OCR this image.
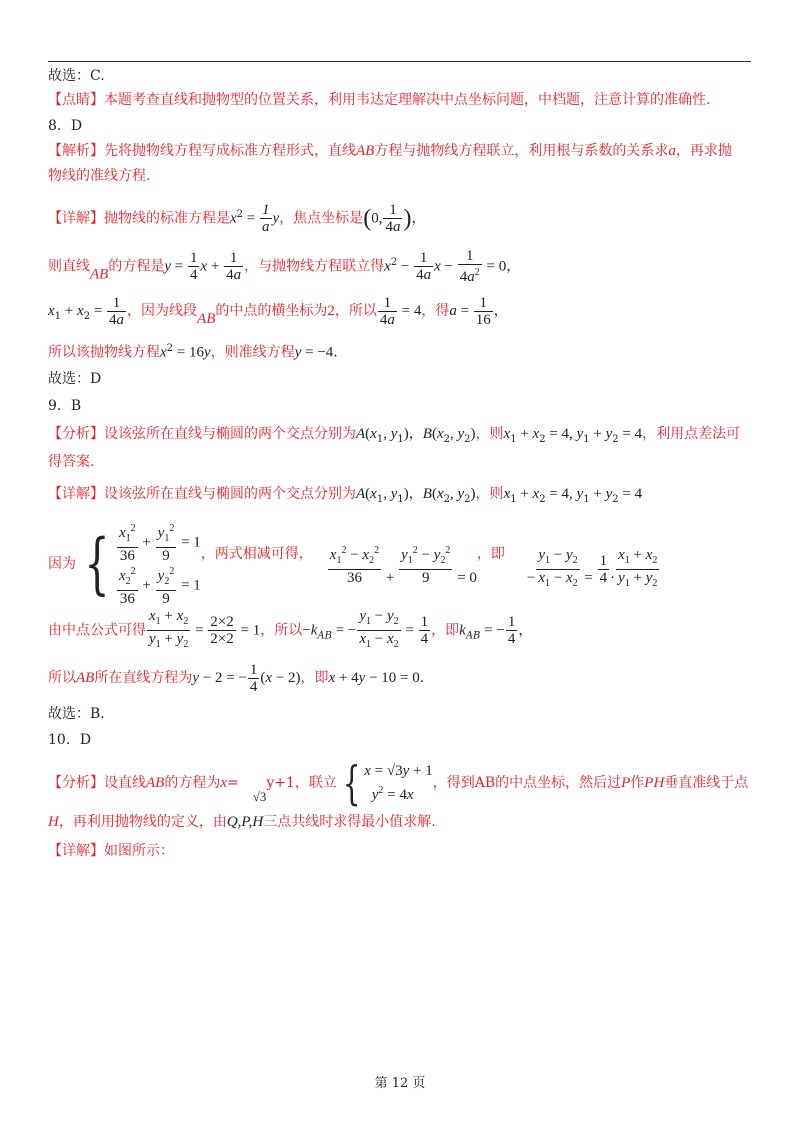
故选：C.
【点睛】本题考查直线和抛物型的位置关系，利用韦达定理解决中点坐标问题，中档题，注意计算的准确性.
8．D
【解析】先将抛物线方程写成标准方程形式，直线AB方程与抛物线方程联立，利用根与系数的关系求a，再求抛
物线的准线方程.
【详解】抛物线的标准方程是$x^2 = \frac{1}{a}$ y，焦点坐标是(0, $\frac{1}{4a}$ )，
则直线AB的方程是$y = \frac{1}{4}$ $x + \frac{1}{4a}$ ，与抛物线方程联立得$x^2 - \frac{1}{4a}$ $x - \frac{1}{4a^2} = 0$，
$x_1 + x_2 = \frac{1}{4a}$ ，因为线段AB的中点的横坐标为2，所以 $\frac{1}{4a} = 4$，得$a = \frac{1}{16}$ ，
所以该抛物线方程$x^2 = 16y$，则准线方程y = −4.
故选：D
9．B
【分析】设该弦所在直线与椭圆的两个交点分别为$A(x_1$, $y_1$)，$B(x_2$, $y_2$)，则$x_1 + x_2 = 4$, $y_1 + y_2 = 4$，利用点差法可
得答案.
【详解】设该弦所在直线与椭圆的两个交点分别为$A(x_1$, $y_1$)，$B(x_2$, $y_2$)，则$x_1 + x_2 = 4$, $y_1 + y_2 = 4$
因为 { $\frac{x_1^2}{36} + \frac{y_1^2}{9} = 1$
$\frac{x_2^2}{36} + \frac{y_2^2}{9} = 1$
，两式相减可得， $\frac{x_1^2 - x_2^2}{36} + \frac{y_1^2 - y_2^2}{9} = 0$，即− $\frac{y_1 - y_2}{x_1 - x_2} = \frac{1}{4} \cdot \frac{x_1 + x_2}{y_1 + y_2}$
由中点公式可得 $\frac{x_1 + x_2}{y_1 + y_2} = \frac{2\times 2}{2\times 2} = 1$，所以$-k_{AB}$ = − $\frac{y_1 - y_2}{x_1 - x_2} = \frac{1}{4}$ ，即$k_{AB}$ = − $\frac{1}{4}$ ，
所以AB所在直线方程为y − 2 = − $\frac{1}{4} (x - 2)$，即x + 4y − 10 = 0.
故选：B.
10．D
【分析】设直线AB的方程为x=√3y+1，联立 { x = √3y + 1
$y^2 = 4x$
，得到AB的中点坐标，然后过P作PH垂直准线于点
H，再利用抛物线的定义，由Q,P,H三点共线时求得最小值求解.
【详解】如图所示：
第 12 页
